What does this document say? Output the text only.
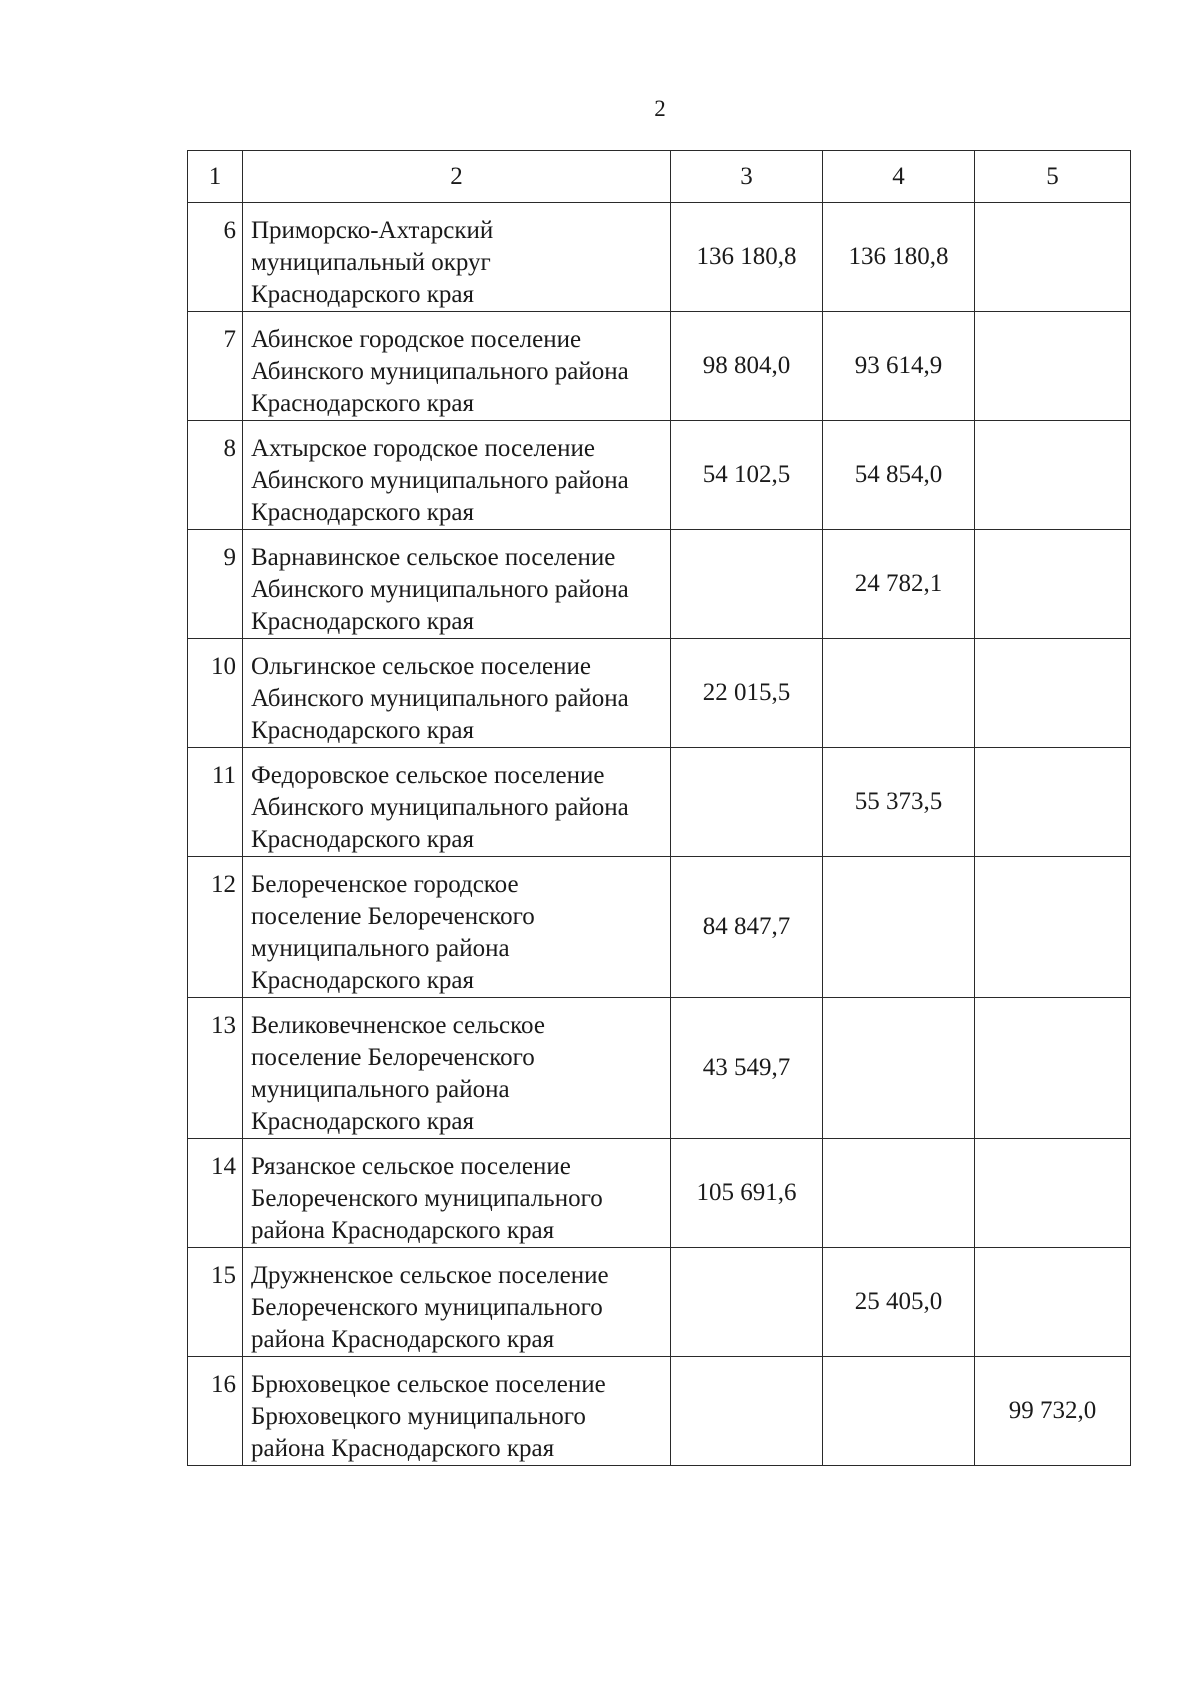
2
1	2	3	4	5
6	Приморско-Ахтарский
муниципальный округ
Краснодарского края	136 180,8	136 180,8	
7	Абинское городское поселение
Абинского муниципального района
Краснодарского края	98 804,0	93 614,9	
8	Ахтырское городское поселение
Абинского муниципального района
Краснодарского края	54 102,5	54 854,0	
9	Варнавинское сельское поселение
Абинского муниципального района
Краснодарского края		24 782,1	
10	Ольгинское сельское поселение
Абинского муниципального района
Краснодарского края	22 015,5		
11	Федоровское сельское поселение
Абинского муниципального района
Краснодарского края		55 373,5	
12	Белореченское городское
поселение Белореченского
муниципального района
Краснодарского края	84 847,7		
13	Великовечненское сельское
поселение Белореченского
муниципального района
Краснодарского края	43 549,7		
14	Рязанское сельское поселение
Белореченского муниципального
района Краснодарского края	105 691,6		
15	Дружненское сельское поселение
Белореченского муниципального
района Краснодарского края		25 405,0	
16	Брюховецкое сельское поселение
Брюховецкого муниципального
района Краснодарского края			99 732,0
